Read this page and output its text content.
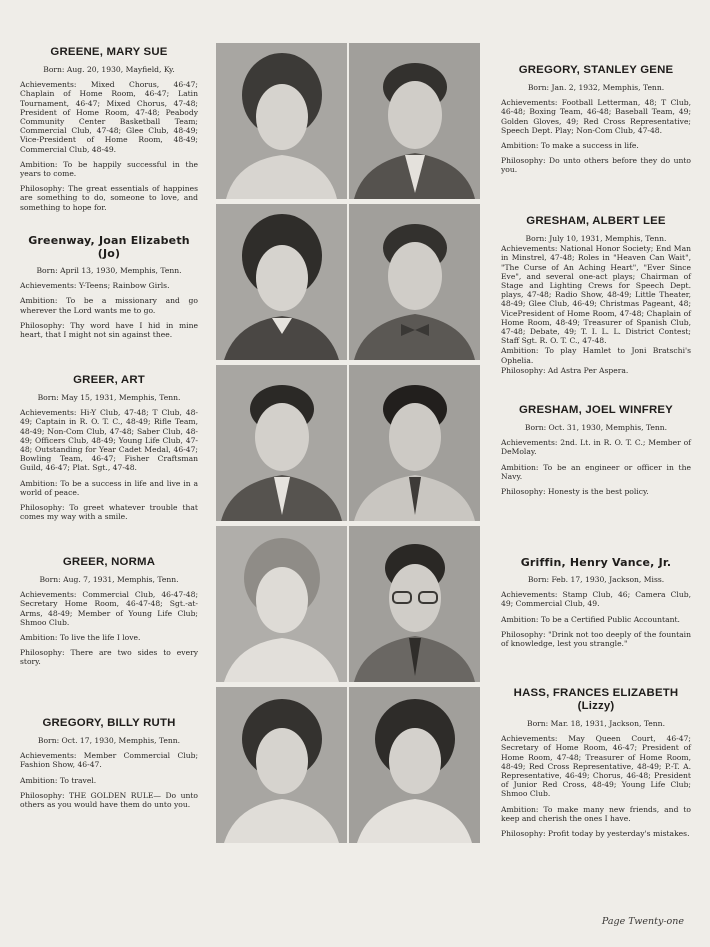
GREENE, MARY SUE
Born: Aug. 20, 1930, Mayfield, Ky.
Achievements: Mixed Chorus, 46-47; Chaplain of Home Room, 46-47; Latin Tournament, 46-47; Mixed Chorus, 47-48; President of Home Room, 47-48; Peabody Community Center Basketball Team; Commercial Club, 47-48; Glee Club, 48-49; Vice-President of Home Room, 48-49; Commercial Club, 48-49.
Ambition: To be happily successful in the years to come.
Philosophy: The great essentials of happines are something to do, someone to love, and something to hope for.
Greenway, Joan Elizabeth (Jo)
Born: April 13, 1930, Memphis, Tenn.
Achievements: Y-Teens; Rainbow Girls.
Ambition: To be a missionary and go wherever the Lord wants me to go.
Philosophy: Thy word have I hid in mine heart, that I might not sin against thee.
GREER, ART
Born: May 15, 1931, Memphis, Tenn.
Achievements: Hi-Y Club, 47-48; T Club, 48-49; Captain in R. O. T. C., 48-49; Rifle Team, 48-49; Non-Com Club, 47-48; Saber Club, 48-49; Officers Club, 48-49; Young Life Club, 47-48; Outstanding for Year Cadet Medal, 46-47; Bowling Team, 46-47; Fisher Craftsman Guild, 46-47; Plat. Sgt., 47-48.
Ambition: To be a success in life and live in a world of peace.
Philosophy: To greet whatever trouble that comes my way with a smile.
GREER, NORMA
Born: Aug. 7, 1931, Memphis, Tenn.
Achievements: Commercial Club, 46-47-48; Secretary Home Room, 46-47-48; Sgt.-at-Arms, 48-49; Member of Young Life Club; Shmoo Club.
Ambition: To live the life I love.
Philosophy: There are two sides to every story.
GREGORY, BILLY RUTH
Born: Oct. 17, 1930, Memphis, Tenn.
Achievements: Member Commercial Club; Fashion Show, 46-47.
Ambition: To travel.
Philosophy: THE GOLDEN RULE— Do unto others as you would have them do unto you.
GREGORY, STANLEY GENE
Born: Jan. 2, 1932, Memphis, Tenn.
Achievements: Football Letterman, 48; T Club, 46-48; Boxing Team, 46-48; Baseball Team, 49; Golden Gloves, 49; Red Cross Representative; Speech Dept. Play; Non-Com Club, 47-48.
Ambition: To make a success in life.
Philosophy: Do unto others before they do unto you.
GRESHAM, ALBERT LEE
Born: July 10, 1931, Memphis, Tenn.
Achievements: National Honor Society; End Man in Minstrel, 47-48; Roles in "Heaven Can Wait", "The Curse of An Aching Heart", "Ever Since Eve", and several one-act plays; Chairman of Stage and Lighting Crews for Speech Dept. plays, 47-48; Radio Show, 48-49; Little Theater, 48-49; Glee Club, 46-49; Christmas Pageant, 48; VicePresident of Home Room, 47-48; Chaplain of Home Room, 48-49; Treasurer of Spanish Club, 47-48; Debate, 49; T. I. L. L. District Contest; Staff Sgt. R. O. T. C., 47-48.
Ambition: To play Hamlet to Joni Bratschi's Ophelia.
Philosophy: Ad Astra Per Aspera.
GRESHAM, JOEL WINFREY
Born: Oct. 31, 1930, Memphis, Tenn.
Achievements: 2nd. Lt. in R. O. T. C.; Member of DeMolay.
Ambition: To be an engineer or officer in the Navy.
Philosophy: Honesty is the best policy.
Griffin, Henry Vance, Jr.
Born: Feb. 17, 1930, Jackson, Miss.
Achievements: Stamp Club, 46; Camera Club, 49; Commercial Club, 49.
Ambition: To be a Certified Public Accountant.
Philosophy: "Drink not too deeply of the fountain of knowledge, lest you strangle."
HASS, FRANCES ELIZABETH
(Lizzy)
Born: Mar. 18, 1931, Jackson, Tenn.
Achievements: May Queen Court, 46-47; Secretary of Home Room, 46-47; President of Home Room, 47-48; Treasurer of Home Room, 48-49; Red Cross Representative, 48-49; P.-T. A. Representative, 46-49; Chorus, 46-48; President of Junior Red Cross, 48-49; Young Life Club; Shmoo Club.
Ambition: To make many new friends, and to keep and cherish the ones I have.
Philosophy: Profit today by yesterday's mistakes.
Page Twenty-one
